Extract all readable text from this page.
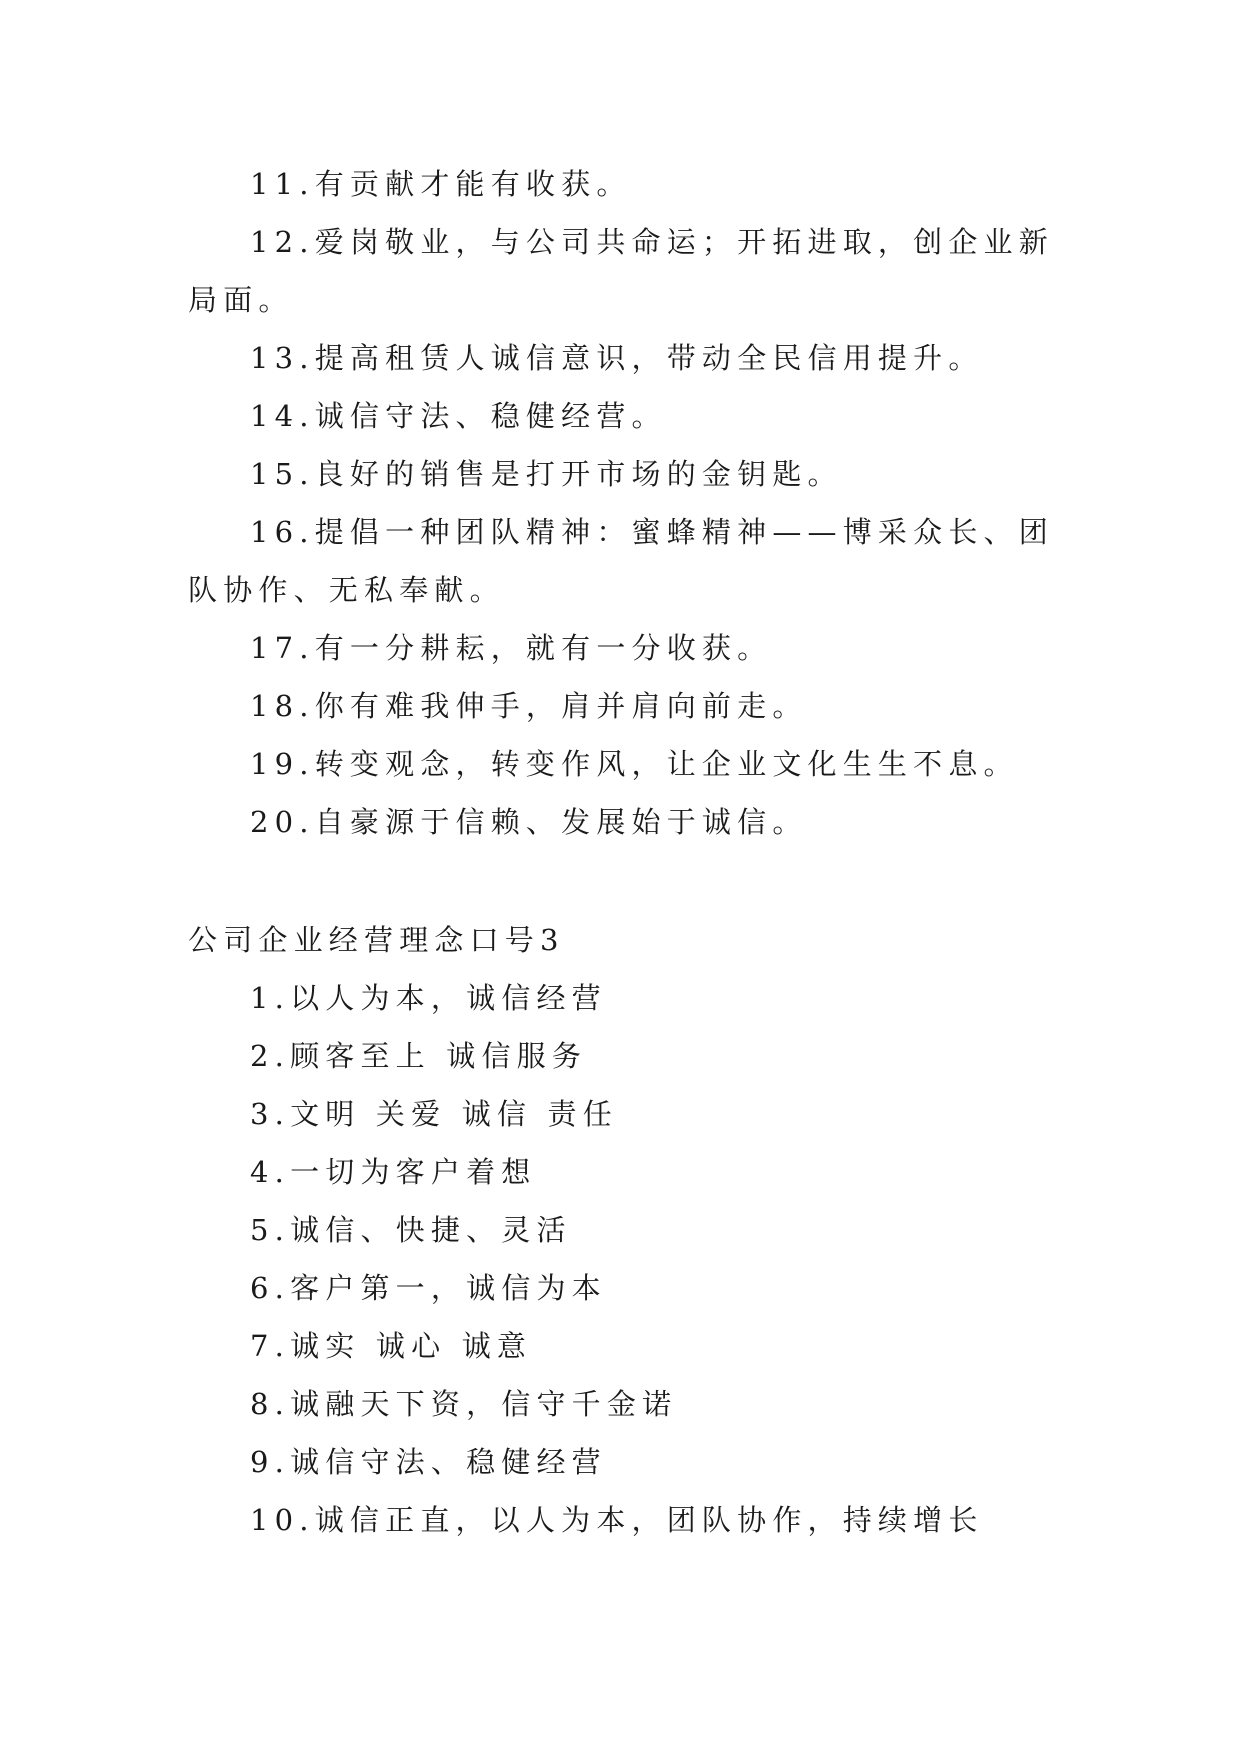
11.有贡献才能有收获。

12.爱岗敬业，与公司共命运；开拓进取，创企业新局面。

13.提高租赁人诚信意识，带动全民信用提升。

14.诚信守法、稳健经营。

15.良好的销售是打开市场的金钥匙。

16.提倡一种团队精神：蜜蜂精神——博采众长、团队协作、无私奉献。

17.有一分耕耘，就有一分收获。

18.你有难我伸手，肩并肩向前走。

19.转变观念，转变作风，让企业文化生生不息。

20.自豪源于信赖、发展始于诚信。

公司企业经营理念口号3

1.以人为本，诚信经营

2.顾客至上 诚信服务

3.文明 关爱 诚信 责任

4.一切为客户着想

5.诚信、快捷、灵活

6.客户第一，诚信为本

7.诚实 诚心 诚意

8.诚融天下资，信守千金诺

9.诚信守法、稳健经营

10.诚信正直，以人为本，团队协作，持续增长
